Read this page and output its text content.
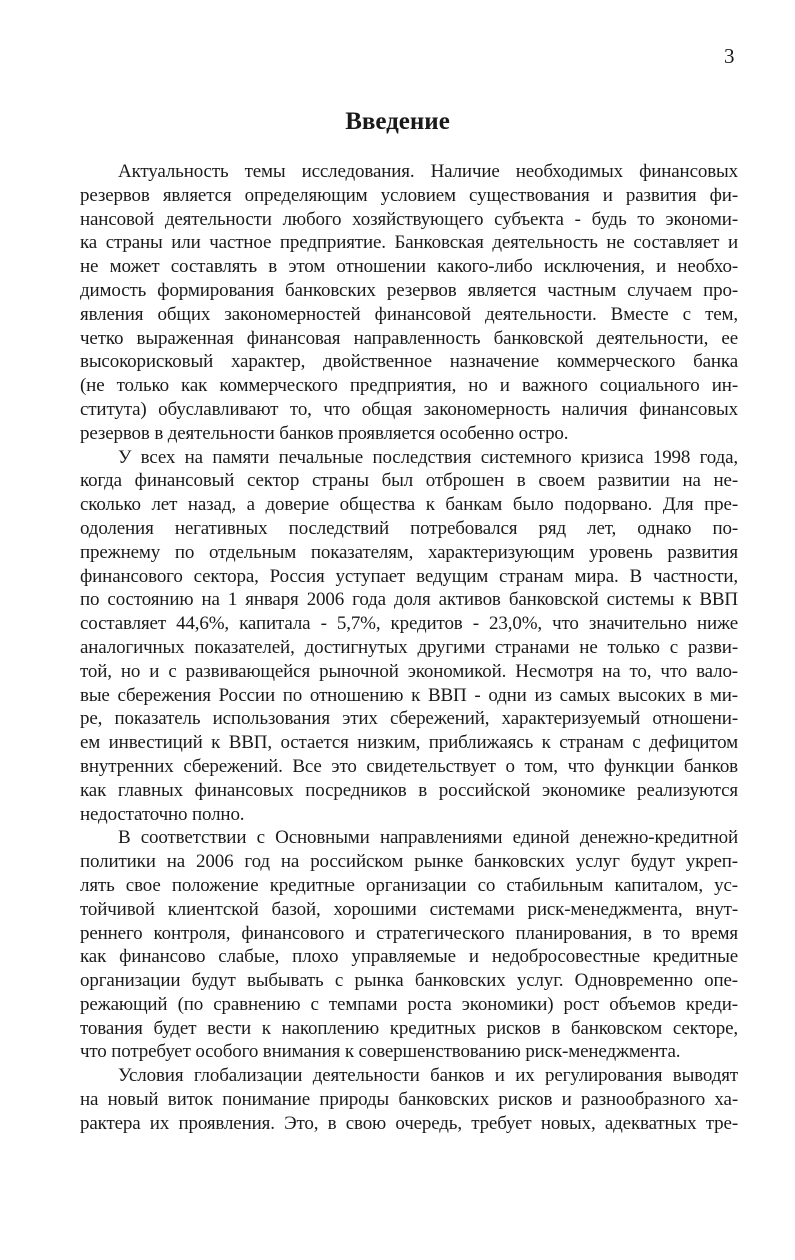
3
Введение
Актуальность темы исследования. Наличие необходимых финансовых
резервов является определяющим условием существования и развития фи-
нансовой деятельности любого хозяйствующего субъекта - будь то экономи-
ка страны или частное предприятие. Банковская деятельность не составляет и
не может составлять в этом отношении какого-либо исключения, и необхо-
димость формирования банковских резервов является частным случаем про-
явления общих закономерностей финансовой деятельности. Вместе с тем,
четко выраженная финансовая направленность банковской деятельности, ее
высокорисковый характер, двойственное назначение коммерческого банка
(не только как коммерческого предприятия, но и важного социального ин-
ститута) обуславливают то, что общая закономерность наличия финансовых
резервов в деятельности банков проявляется особенно остро.
У всех на памяти печальные последствия системного кризиса 1998 года,
когда финансовый сектор страны был отброшен в своем развитии на не-
сколько лет назад, а доверие общества к банкам было подорвано. Для пре-
одоления негативных последствий потребовался ряд лет, однако по-
прежнему по отдельным показателям, характеризующим уровень развития
финансового сектора, Россия уступает ведущим странам мира. В частности,
по состоянию на 1 января 2006 года доля активов банковской системы к ВВП
составляет 44,6%, капитала - 5,7%, кредитов - 23,0%, что значительно ниже
аналогичных показателей, достигнутых другими странами не только с разви-
той, но и с развивающейся рыночной экономикой. Несмотря на то, что вало-
вые сбережения России по отношению к ВВП - одни из самых высоких в ми-
ре, показатель использования этих сбережений, характеризуемый отношени-
ем инвестиций к ВВП, остается низким, приближаясь к странам с дефицитом
внутренних сбережений. Все это свидетельствует о том, что функции банков
как главных финансовых посредников в российской экономике реализуются
недостаточно полно.
В соответствии с Основными направлениями единой денежно-кредитной
политики на 2006 год на российском рынке банковских услуг будут укреп-
лять свое положение кредитные организации со стабильным капиталом, ус-
тойчивой клиентской базой, хорошими системами риск-менеджмента, внут-
реннего контроля, финансового и стратегического планирования, в то время
как финансово слабые, плохо управляемые и недобросовестные кредитные
организации будут выбывать с рынка банковских услуг. Одновременно опе-
режающий (по сравнению с темпами роста экономики) рост объемов креди-
тования будет вести к накоплению кредитных рисков в банковском секторе,
что потребует особого внимания к совершенствованию риск-менеджмента.
Условия глобализации деятельности банков и их регулирования выводят
на новый виток понимание природы банковских рисков и разнообразного ха-
рактера их проявления. Это, в свою очередь, требует новых, адекватных тре-
